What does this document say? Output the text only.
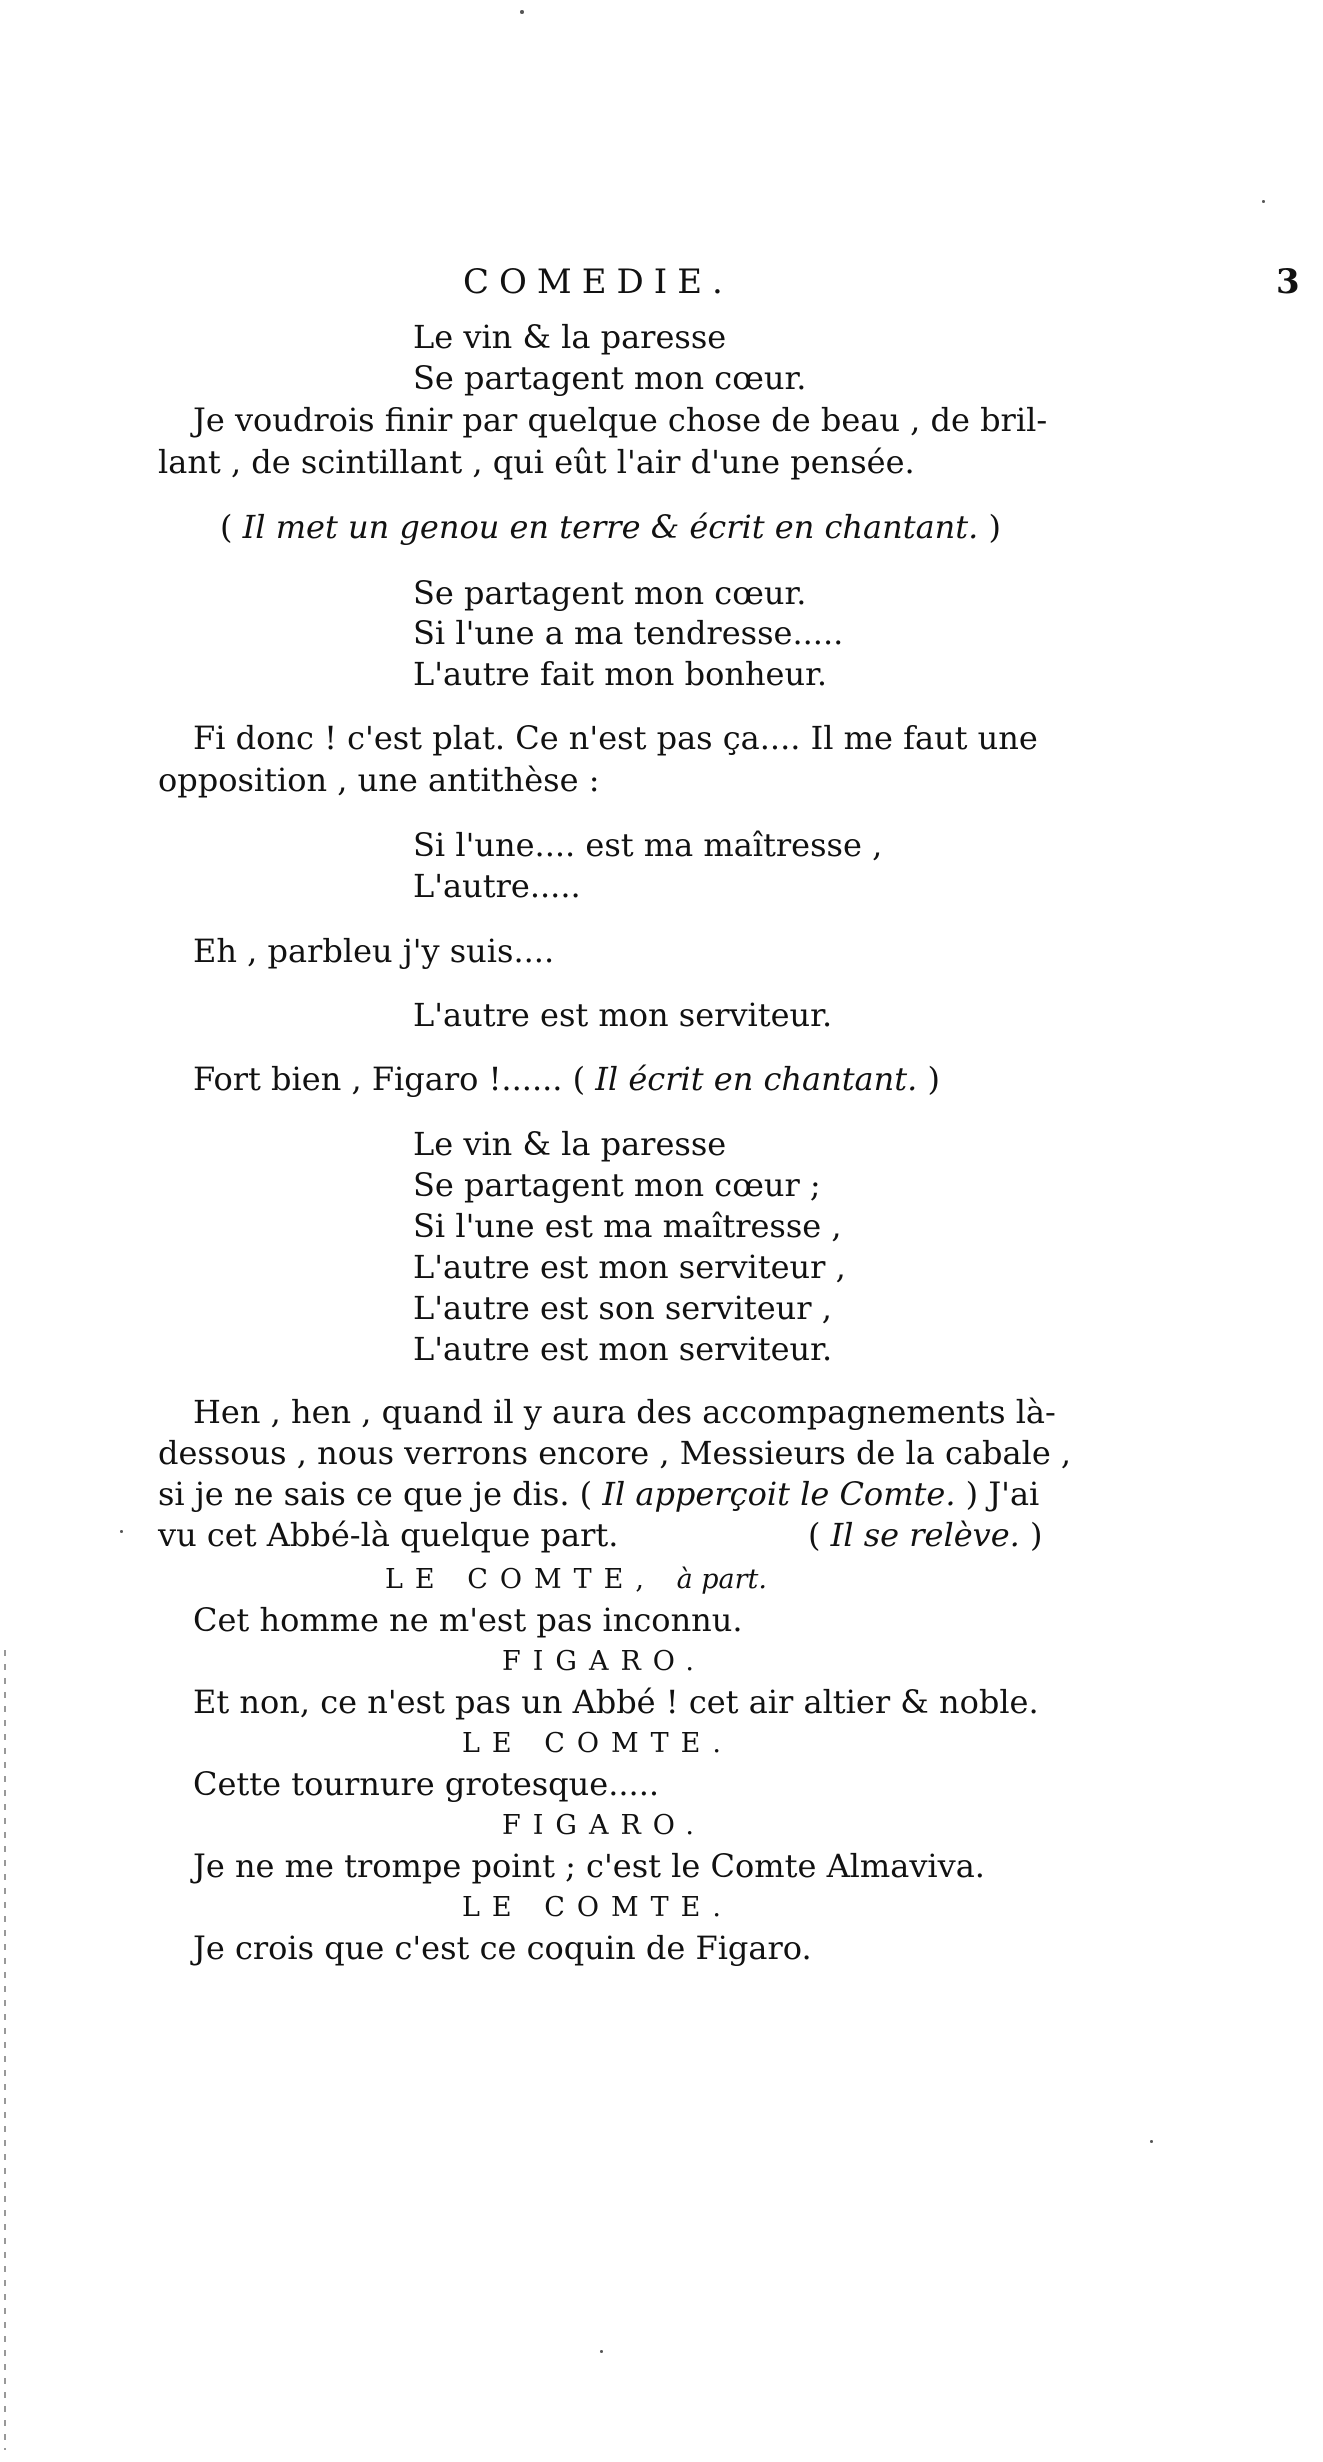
COMEDIE.	3
Le vin & la paresse
Se partagent mon cœur.
Je voudrois finir par quelque chose de beau , de bril-
lant , de scintillant , qui eût l'air d'une pensée.
( Il met un genou en terre & écrit en chantant. )
Se partagent mon cœur.
Si l'une a ma tendresse.....
L'autre fait mon bonheur.
Fi donc ! c'est plat. Ce n'est pas ça.... Il me faut une
opposition , une antithèse :
Si l'une.... est ma maîtresse ,
L'autre.....
Eh , parbleu j'y suis....
L'autre est mon serviteur.
Fort bien , Figaro !...... ( Il écrit en chantant. )
Le vin & la paresse
Se partagent mon cœur ;
Si l'une est ma maîtresse ,
L'autre est mon serviteur ,
L'autre est son serviteur ,
L'autre est mon serviteur.
Hen , hen , quand il y aura des accompagnements là-
dessous , nous verrons encore , Messieurs de la cabale ,
si je ne sais ce que je dis. ( Il apperçoit le Comte. ) J'ai
vu cet Abbé-là quelque part.	( Il se relève. )
LE COMTE, à part.
Cet homme ne m'est pas inconnu.
FIGARO.
Et non, ce n'est pas un Abbé ! cet air altier & noble.
LE COMTE.
Cette tournure grotesque.....
FIGARO.
Je ne me trompe point ; c'est le Comte Almaviva.
LE COMTE.
Je crois que c'est ce coquin de Figaro.
